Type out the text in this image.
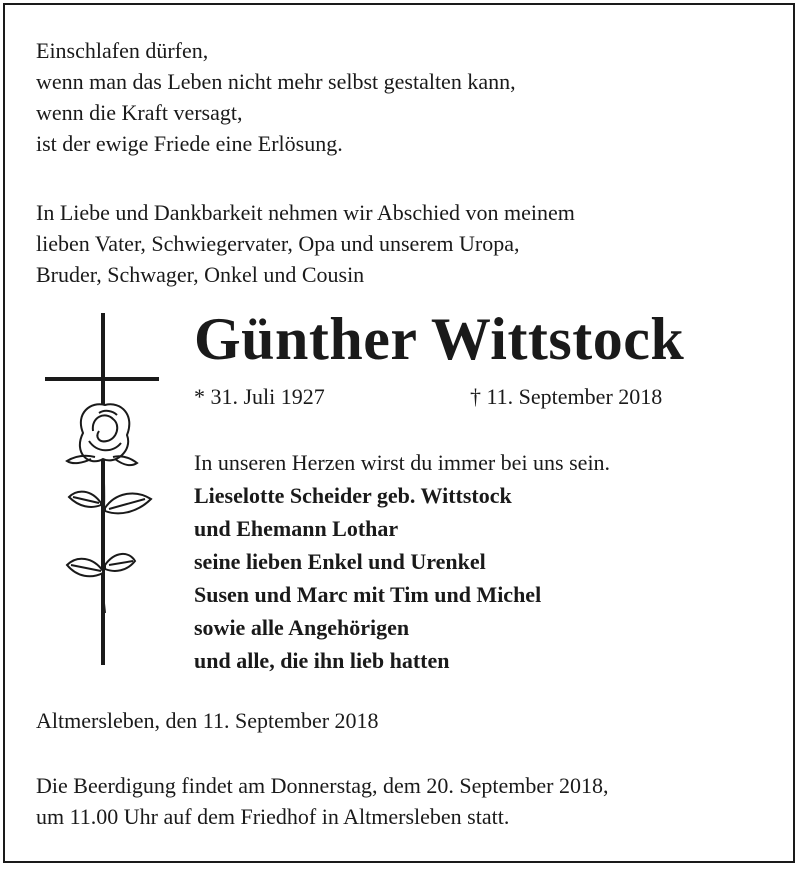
Einschlafen dürfen,
wenn man das Leben nicht mehr selbst gestalten kann,
wenn die Kraft versagt,
ist der ewige Friede eine Erlösung.
In Liebe und Dankbarkeit nehmen wir Abschied von meinem
lieben Vater, Schwiegervater, Opa und unserem Uropa,
Bruder, Schwager, Onkel und Cousin
Günther Wittstock
* 31. Juli 1927	† 11. September 2018
In unseren Herzen wirst du immer bei uns sein.
Lieselotte Scheider geb. Wittstock
und Ehemann Lothar
seine lieben Enkel und Urenkel
Susen und Marc mit Tim und Michel
sowie alle Angehörigen
und alle, die ihn lieb hatten
Altmersleben, den 11. September 2018
Die Beerdigung findet am Donnerstag, dem 20. September 2018,
um 11.00 Uhr auf dem Friedhof in Altmersleben statt.
